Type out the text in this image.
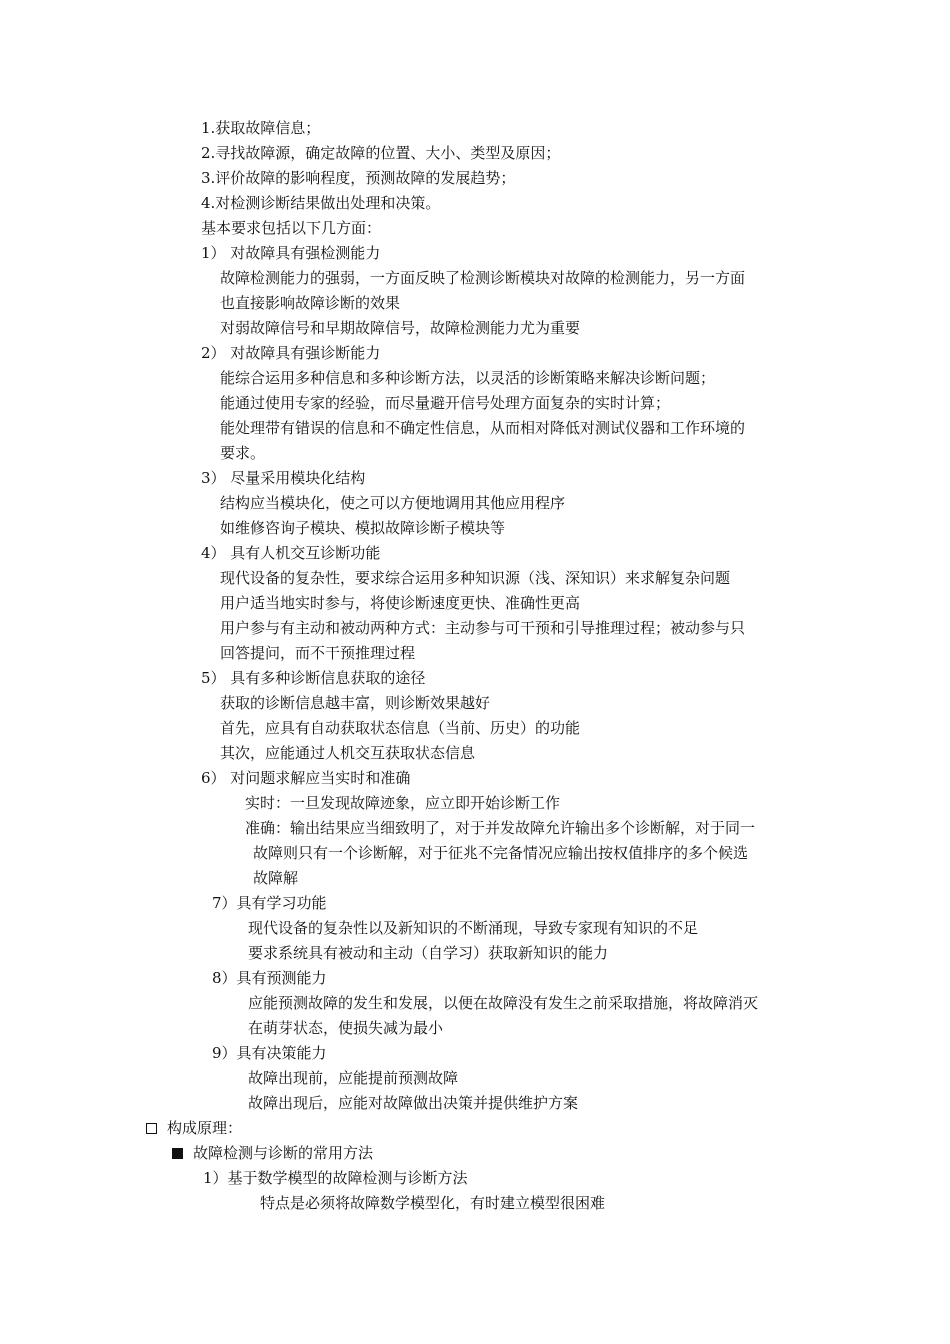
1.获取故障信息；
2.寻找故障源，确定故障的位置、大小、类型及原因；
3.评价故障的影响程度，预测故障的发展趋势；
4.对检测诊断结果做出处理和决策。
基本要求包括以下几方面：
1） 对故障具有强检测能力
故障检测能力的强弱，一方面反映了检测诊断模块对故障的检测能力，另一方面
也直接影响故障诊断的效果
对弱故障信号和早期故障信号，故障检测能力尤为重要
2） 对故障具有强诊断能力
能综合运用多种信息和多种诊断方法，以灵活的诊断策略来解决诊断问题；
能通过使用专家的经验，而尽量避开信号处理方面复杂的实时计算；
能处理带有错误的信息和不确定性信息，从而相对降低对测试仪器和工作环境的
要求。
3） 尽量采用模块化结构
结构应当模块化，使之可以方便地调用其他应用程序
如维修咨询子模块、模拟故障诊断子模块等
4） 具有人机交互诊断功能
现代设备的复杂性，要求综合运用多种知识源（浅、深知识）来求解复杂问题
用户适当地实时参与，将使诊断速度更快、准确性更高
用户参与有主动和被动两种方式：主动参与可干预和引导推理过程；被动参与只
回答提问，而不干预推理过程
5） 具有多种诊断信息获取的途径
获取的诊断信息越丰富，则诊断效果越好
首先，应具有自动获取状态信息（当前、历史）的功能
其次，应能通过人机交互获取状态信息
6） 对问题求解应当实时和准确
实时：一旦发现故障迹象，应立即开始诊断工作
准确：输出结果应当细致明了，对于并发故障允许输出多个诊断解，对于同一
故障则只有一个诊断解，对于征兆不完备情况应输出按权值排序的多个候选
故障解
7）具有学习功能
现代设备的复杂性以及新知识的不断涌现，导致专家现有知识的不足
要求系统具有被动和主动（自学习）获取新知识的能力
8）具有预测能力
应能预测故障的发生和发展，以便在故障没有发生之前采取措施，将故障消灭
在萌芽状态，使损失减为最小
9）具有决策能力
故障出现前，应能提前预测故障
故障出现后，应能对故障做出决策并提供维护方案
构成原理：
故障检测与诊断的常用方法
1）基于数学模型的故障检测与诊断方法
特点是必须将故障数学模型化，有时建立模型很困难
